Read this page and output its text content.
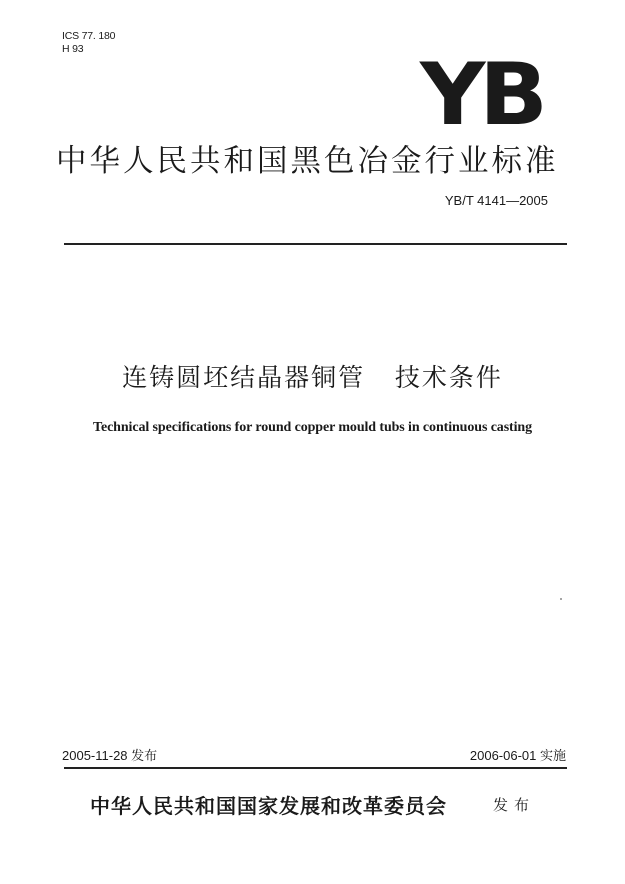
ICS 77. 180
H 93	YB
中华人民共和国黑色冶金行业标准
YB/T 4141—2005
连铸圆坯结晶器铜管   技术条件
Technical specifications for round copper mould tubs in continuous casting
2005-11-28 发布	2006-06-01 实施
中华人民共和国国家发展和改革委员会	发布
